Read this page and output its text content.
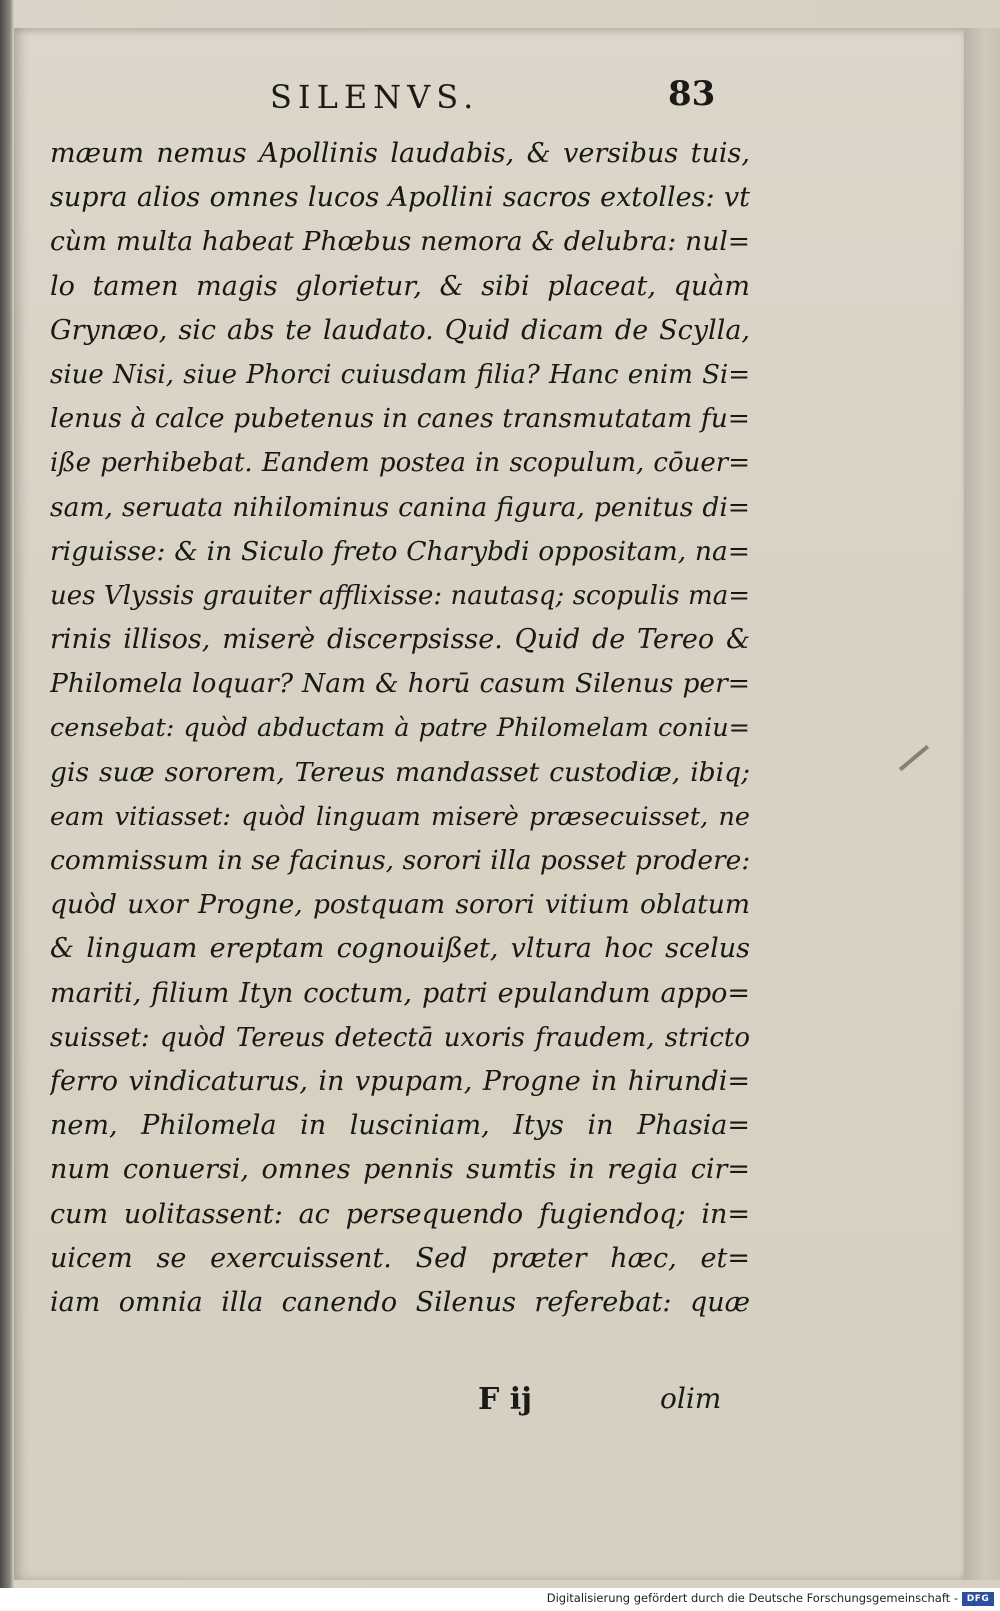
SILENVS.	83
mæum nemus Apollinis laudabis, & versibus tuis,
supra alios omnes lucos Apollini sacros extolles: vt
cùm multa habeat Phœbus nemora & delubra: nul=
lo tamen magis glorietur, & sibi placeat, quàm
Grynæo, sic abs te laudato. Quid dicam de Scylla,
siue Nisi, siue Phorci cuiusdam filia? Hanc enim Si=
lenus à calce pubetenus in canes transmutatam fu=
iße perhibebat. Eandem postea in scopulum, cōuer=
sam, seruata nihilominus canina figura, penitus di=
riguisse: & in Siculo freto Charybdi oppositam, na=
ues Vlyssis grauiter afflixisse: nautasq; scopulis ma=
rinis illisos, miserè discerpsisse. Quid de Tereo &
Philomela loquar? Nam & horū casum Silenus per=
censebat: quòd abductam à patre Philomelam coniu=
gis suæ sororem, Tereus mandasset custodiæ, ibiq;
eam vitiasset: quòd linguam miserè præsecuisset, ne
commissum in se facinus, sorori illa posset prodere:
quòd uxor Progne, postquam sorori vitium oblatum
& linguam ereptam cognouißet, vltura hoc scelus
mariti, filium Ityn coctum, patri epulandum appo=
suisset: quòd Tereus detectā uxoris fraudem, stricto
ferro vindicaturus, in vpupam, Progne in hirundi=
nem, Philomela in lusciniam, Itys in Phasia=
num conuersi, omnes pennis sumtis in regia cir=
cum uolitassent: ac persequendo fugiendoq; in=
uicem se exercuissent. Sed præter hæc, et=
iam omnia illa canendo Silenus referebat: quæ
F ij	olim
Digitalisierung gefördert durch die Deutsche Forschungsgemeinschaft - DFG
